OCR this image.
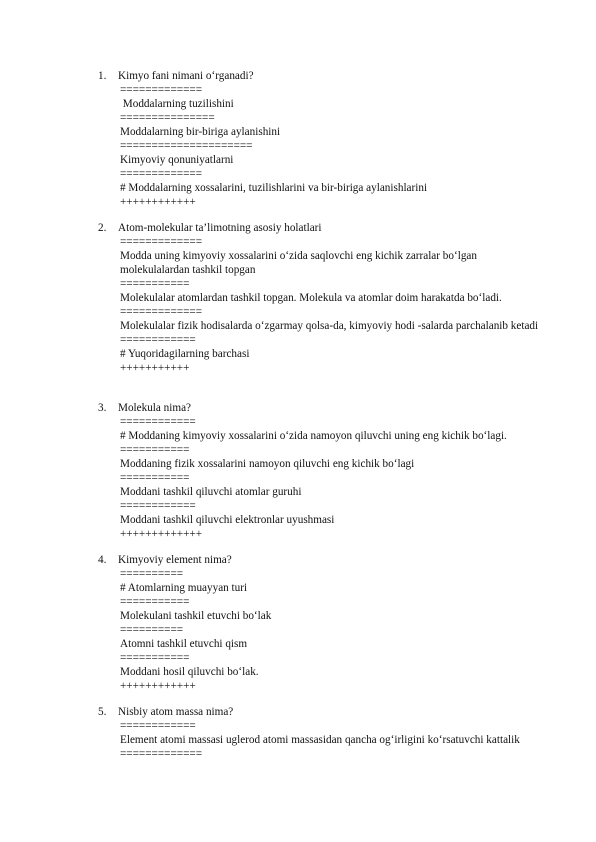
1.	Kimyo fani nimani o‘rganadi?
=============
Moddalarning tuzilishini
===============
Moddalarning bir-biriga aylanishini
=====================
Kimyoviy qonuniyatlarni
=============
# Moddalarning xossalarini, tuzilishlarini va bir-biriga aylanishlarini
++++++++++++
2.	Atom-molekular ta’limotning asosiy holatlari
=============
Modda uning kimyoviy xossalarini o‘zida saqlovchi eng kichik zarralar bo‘lgan molekulalardan tashkil topgan
===========
Molekulalar atomlardan tashkil topgan. Molekula va atomlar doim harakatda bo‘ladi.
=============
Molekulalar fizik hodisalarda o‘zgarmay qolsa-da, kimyoviy hodi -salarda parchalanib ketadi
============
# Yuqoridagilarning barchasi
+++++++++++
3.	Molekula nima?
============
# Moddaning kimyoviy xossalarini o‘zida namoyon qiluvchi uning eng kichik bo‘lagi.
===========
Moddaning fizik xossalarini namoyon qiluvchi eng kichik bo‘lagi
===========
Moddani tashkil qiluvchi atomlar guruhi
============
Moddani tashkil qiluvchi elektronlar uyushmasi
+++++++++++++
4.	Kimyoviy element nima?
==========
# Atomlarning muayyan turi
===========
Molekulani tashkil etuvchi bo‘lak
==========
Atomni tashkil etuvchi qism
===========
Moddani hosil qiluvchi bo‘lak.
++++++++++++
5.	Nisbiy atom massa nima?
============
Element atomi massasi uglerod atomi massasidan qancha og‘irligini ko‘rsatuvchi kattalik
=============
